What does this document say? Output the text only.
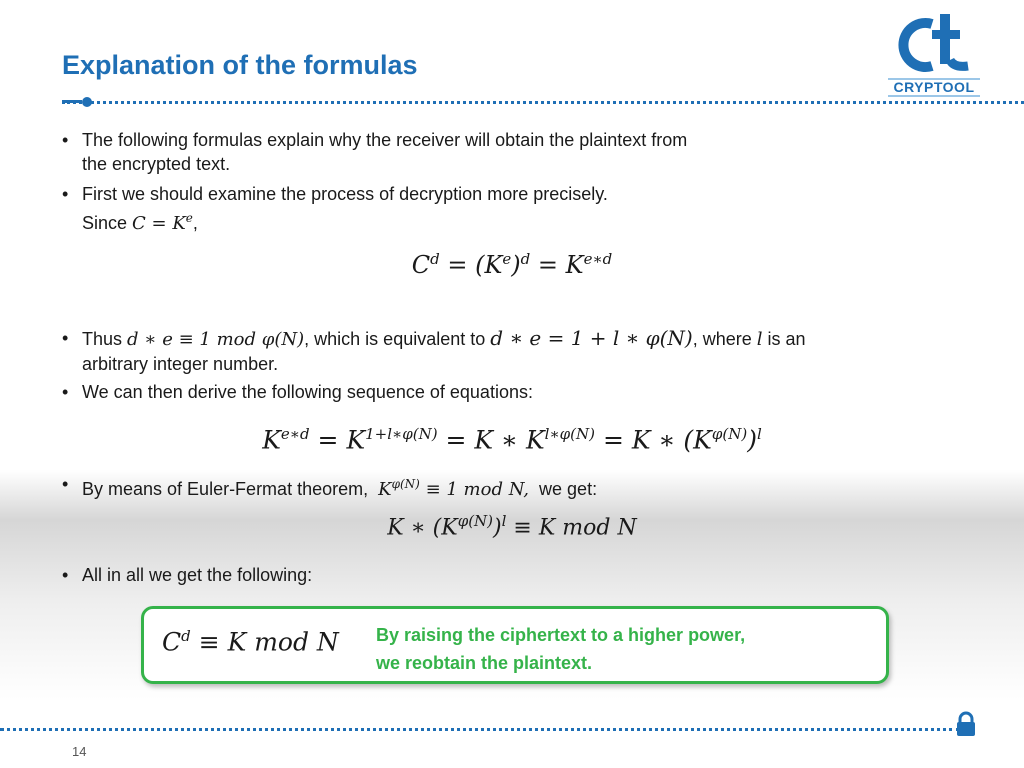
Explanation of the formulas
CRYPTOOL
• The following formulas explain why the receiver will obtain the plaintext from
the encrypted text.
• First we should examine the process of decryption more precisely.
Since $C = K^e$,
$C^d = (K^e)^d = K^{e∗d}$
• Thus d ∗ e ≡ 1 mod φ(N), which is equivalent to d ∗ e = 1 + l ∗ φ(N), where l is an
arbitrary integer number.
• We can then derive the following sequence of equations:
$K^{e∗d} = K^{1+l∗\varphi(N)} = K$ ∗ $K^{l∗\varphi(N)} = K$ ∗ $(K^{\varphi(N)})^l$
• By means of Euler-Fermat theorem, $K^{\varphi(N)} \equiv 1$ mod N, we get:
K ∗ $(K^{\varphi(N)})^l \equiv K$ mod N
• All in all we get the following:
$C^d \equiv K$ mod N By raising the ciphertext to a higher power,
we reobtain the plaintext.
14
